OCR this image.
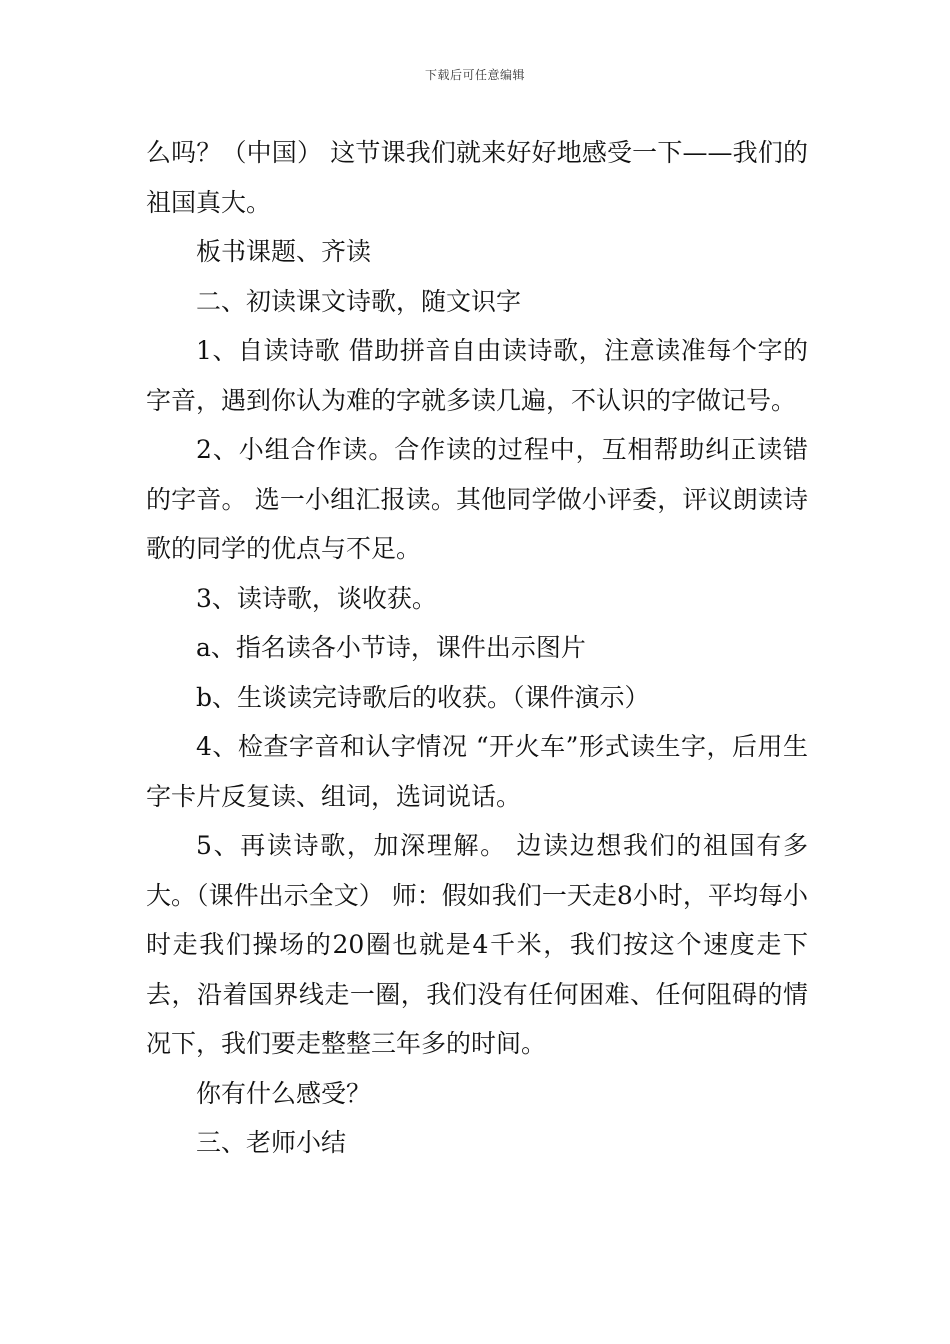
下载后可任意编辑

么吗？（中国） 这节课我们就来好好地感受一下——我们的祖国真大。

板书课题、齐读

二、初读课文诗歌，随文识字

1、自读诗歌 借助拼音自由读诗歌，注意读准每个字的字音，遇到你认为难的字就多读几遍，不认识的字做记号。

2、小组合作读。合作读的过程中，互相帮助纠正读错的字音。 选一小组汇报读。其他同学做小评委，评议朗读诗歌的同学的优点与不足。

3、读诗歌，谈收获。

a、指名读各小节诗，课件出示图片

b、生谈读完诗歌后的收获。（课件演示）

4、检查字音和认字情况 “开火车”形式读生字，后用生字卡片反复读、组词，选词说话。

5、再读诗歌，加深理解。 边读边想我们的祖国有多大。（课件出示全文） 师：假如我们一天走8小时，平均每小时走我们操场的20圈也就是4千米，我们按这个速度走下去，沿着国界线走一圈，我们没有任何困难、任何阻碍的情况下，我们要走整整三年多的时间。

你有什么感受？

三、老师小结
